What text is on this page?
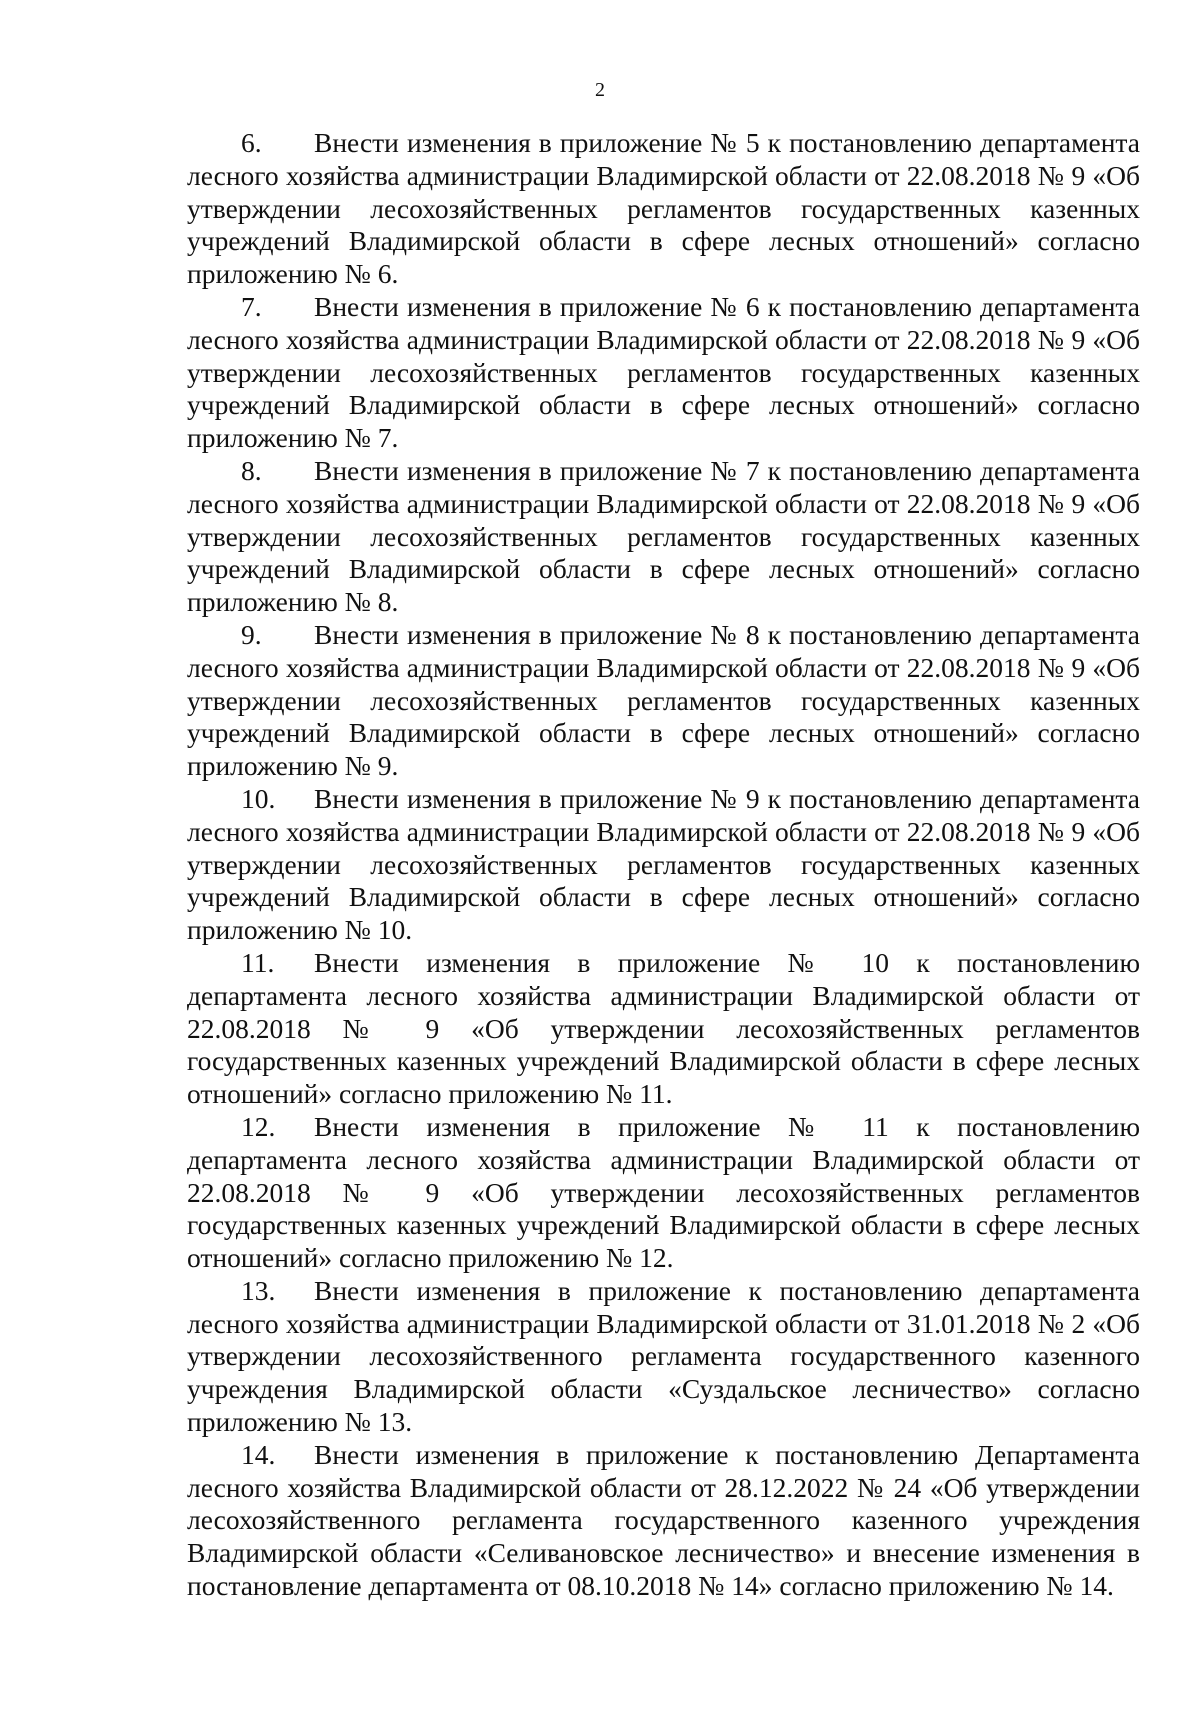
2

6. Внести изменения в приложение № 5 к постановлению департамента лесного хозяйства администрации Владимирской области от 22.08.2018 № 9 «Об утверждении лесохозяйственных регламентов государственных казенных учреждений Владимирской области в сфере лесных отношений» согласно приложению № 6.

7. Внести изменения в приложение № 6 к постановлению департамента лесного хозяйства администрации Владимирской области от 22.08.2018 № 9 «Об утверждении лесохозяйственных регламентов государственных казенных учреждений Владимирской области в сфере лесных отношений» согласно приложению № 7.

8. Внести изменения в приложение № 7 к постановлению департамента лесного хозяйства администрации Владимирской области от 22.08.2018 № 9 «Об утверждении лесохозяйственных регламентов государственных казенных учреждений Владимирской области в сфере лесных отношений» согласно приложению № 8.

9. Внести изменения в приложение № 8 к постановлению департамента лесного хозяйства администрации Владимирской области от 22.08.2018 № 9 «Об утверждении лесохозяйственных регламентов государственных казенных учреждений Владимирской области в сфере лесных отношений» согласно приложению № 9.

10. Внести изменения в приложение № 9 к постановлению департамента лесного хозяйства администрации Владимирской области от 22.08.2018 № 9 «Об утверждении лесохозяйственных регламентов государственных казенных учреждений Владимирской области в сфере лесных отношений» согласно приложению № 10.

11. Внести изменения в приложение № 10 к постановлению департамента лесного хозяйства администрации Владимирской области от 22.08.2018 № 9 «Об утверждении лесохозяйственных регламентов государственных казенных учреждений Владимирской области в сфере лесных отношений» согласно приложению № 11.

12. Внести изменения в приложение № 11 к постановлению департамента лесного хозяйства администрации Владимирской области от 22.08.2018 № 9 «Об утверждении лесохозяйственных регламентов государственных казенных учреждений Владимирской области в сфере лесных отношений» согласно приложению № 12.

13. Внести изменения в приложение к постановлению департамента лесного хозяйства администрации Владимирской области от 31.01.2018 № 2 «Об утверждении лесохозяйственного регламента государственного казенного учреждения Владимирской области «Суздальское лесничество» согласно приложению № 13.

14. Внести изменения в приложение к постановлению Департамента лесного хозяйства Владимирской области от 28.12.2022 № 24 «Об утверждении лесохозяйственного регламента государственного казенного учреждения Владимирской области «Селивановское лесничество» и внесение изменения в постановление департамента от 08.10.2018 № 14» согласно приложению № 14.
